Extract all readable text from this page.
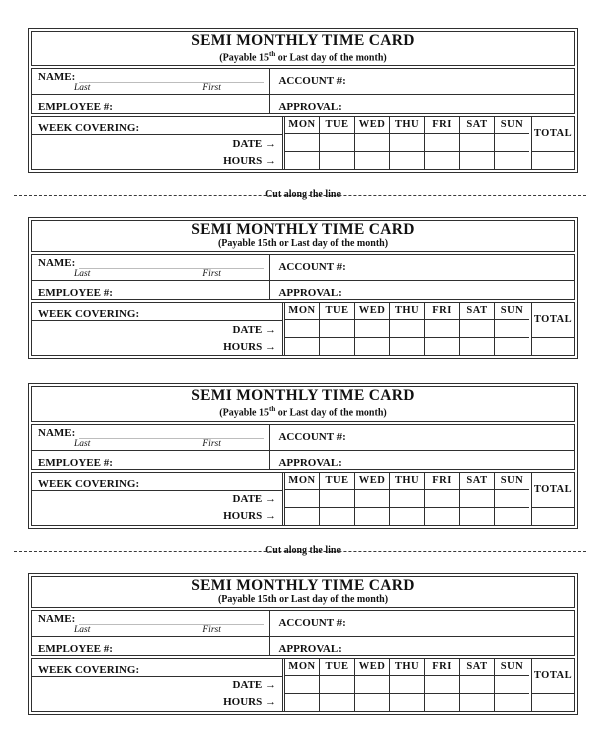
SEMI MONTHLY TIME CARD
(Payable 15th or Last day of the month)
NAME:
Last	First
ACCOUNT #:
EMPLOYEE #:	APPROVAL:
WEEK COVERING:
DATE →
HOURS →
MON TUE WED THU	FRI	SAT	SUN
TOTAL
Cut along the line
SEMI MONTHLY TIME CARD
(Payable 15th or Last day of the month)
NAME:
Last	First
ACCOUNT #:
EMPLOYEE #:	APPROVAL:
WEEK COVERING:
DATE →
HOURS →
MON TUE WED THU	FRI	SAT	SUN
TOTAL
SEMI MONTHLY TIME CARD
(Payable 15th or Last day of the month)
NAME:
Last	First
ACCOUNT #:
EMPLOYEE #:	APPROVAL:
WEEK COVERING:
DATE →
HOURS →
MON TUE WED THU	FRI	SAT	SUN
TOTAL
Cut along the line
SEMI MONTHLY TIME CARD
(Payable 15th or Last day of the month)
NAME:
Last	First
ACCOUNT #:
EMPLOYEE #:	APPROVAL:
WEEK COVERING:
DATE →
HOURS →
MON TUE WED THU	FRI	SAT	SUN
TOTAL
